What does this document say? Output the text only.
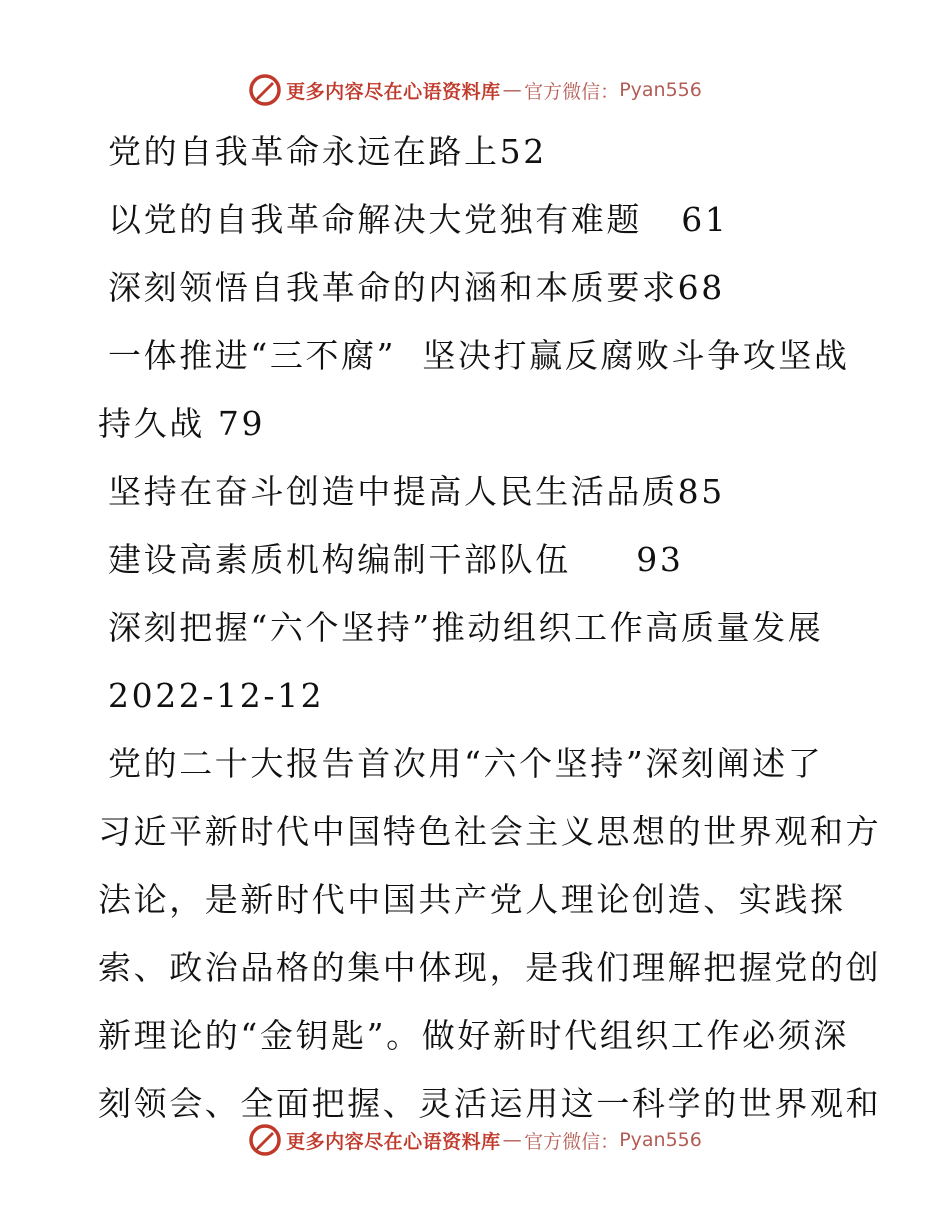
更多内容尽在心语资料库 — 官方微信： Pyan556
党的自我革命永远在路上52
以党的自我革命解决大党独有难题 61
深刻领悟自我革命的内涵和本质要求68
一体推进“三不腐”  坚决打赢反腐败斗争攻坚战
持久战 79
坚持在奋斗创造中提高人民生活品质85
建设高素质机构编制干部队伍 93
深刻把握“六个坚持”推动组织工作高质量发展
2022-12-12
党的二十大报告首次用“六个坚持”深刻阐述了
习近平新时代中国特色社会主义思想的世界观和方
法论，是新时代中国共产党人理论创造、实践探
索、政治品格的集中体现，是我们理解把握党的创
新理论的“金钥匙”。做好新时代组织工作必须深
刻领会、全面把握、灵活运用这一科学的世界观和
更多内容尽在心语资料库 — 官方微信： Pyan556
